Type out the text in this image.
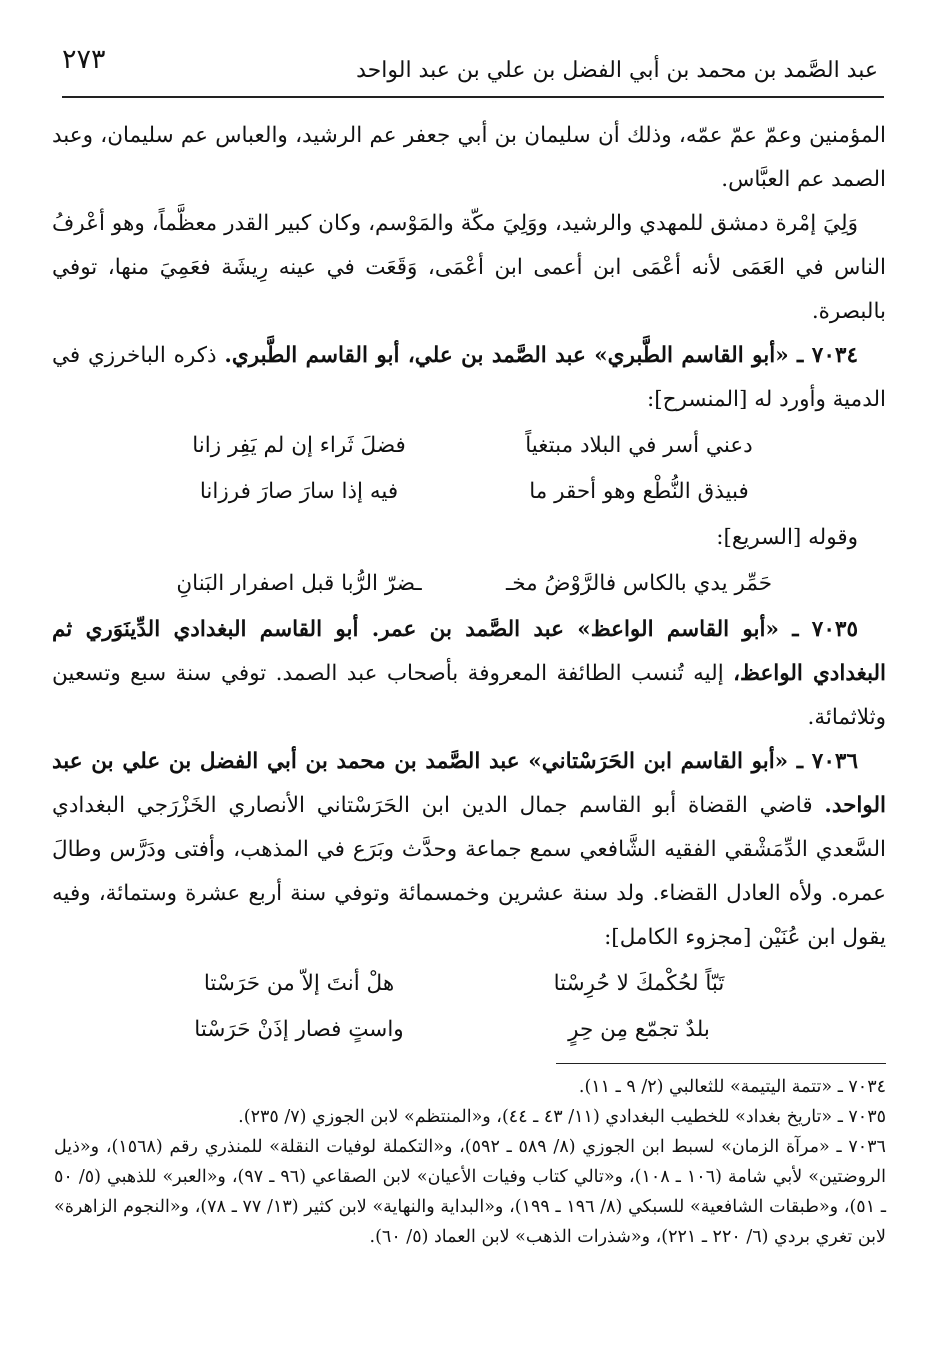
عبد الصَّمد بن محمد بن أبي الفضل بن علي بن عبد الواحد
٢٧٣

المؤمنين وعمّ عمّ عمّه، وذلك أن سليمان بن أبي جعفر عم الرشيد، والعباس عم سليمان، وعبد الصمد عم العبَّاس.

وَلِيَ إمْرة دمشق للمهدي والرشيد، ووَلِيَ مكّة والمَوْسم، وكان كبير القدر معظَّماً، وهو أعْرفُ الناس في العَمَى لأنه أعْمَى ابن أعمى ابن أعْمَى، وَقَعَت في عينه رِيشَة فعَمِيَ منها، توفي بالبصرة.

٧٠٣٤ ـ «أبو القاسم الطَّبري» عبد الصَّمد بن علي، أبو القاسم الطَّبري. ذكره الباخرزي في الدمية وأورد له [المنسرح]:

دعني أسر في البلاد مبتغياً
فضلَ ثَراء إن لم يَفِر زانا
فبيذق النُّطْع وهو أحقر ما
فيه إذا سارَ صارَ فرزانا

وقوله [السريع]:

حَمِّر يدي بالكاس فالرَّوْضُ مخـ
ـضرّ الرُّبا قبل اصفرار البَنانِ

٧٠٣٥ ـ «أبو القاسم الواعظ» عبد الصَّمد بن عمر. أبو القاسم البغدادي الدِّينَوَري ثم البغدادي الواعظ، إليه تُنسب الطائفة المعروفة بأصحاب عبد الصمد. توفي سنة سبع وتسعين وثلاثمائة.

٧٠٣٦ ـ «أبو القاسم ابن الحَرَسْتاني» عبد الصَّمد بن محمد بن أبي الفضل بن علي بن عبد الواحد. قاضي القضاة أبو القاسم جمال الدين ابن الحَرَسْتاني الأنصاري الخَزْرَجي البغدادي السَّعدي الدِّمَشْقي الفقيه الشَّافعي سمع جماعة وحدَّث وبَرَع في المذهب، وأفتى ودَرَّس وطالَ عمره. ولأه العادل القضاء. ولد سنة عشرين وخمسمائة وتوفي سنة أربع عشرة وستمائة، وفيه يقول ابن عُنَيْن [مجزوء الكامل]:

تَبّاً لحُكْمكَ لا حُرِسْتا
هلْ أنتَ إلاّ من حَرَسْتا
بلدٌ تجمّع مِن حِرٍ
واستٍ فصار إذَنْ حَرَسْتا

٧٠٣٤ ـ «تتمة اليتيمة» للثعالبي (٢/ ٩ ـ ١١).

٧٠٣٥ ـ «تاريخ بغداد» للخطيب البغدادي (١١/ ٤٣ ـ ٤٤)، و«المنتظم» لابن الجوزي (٧/ ٢٣٥).

٧٠٣٦ ـ «مرآة الزمان» لسبط ابن الجوزي (٨/ ٥٨٩ ـ ٥٩٢)، و«التكملة لوفيات النقلة» للمنذري رقم (١٥٦٨)، و«ذيل الروضتين» لأبي شامة (١٠٦ ـ ١٠٨)، و«تالي كتاب وفيات الأعيان» لابن الصقاعي (٩٦ ـ ٩٧)، و«العبر» للذهبي (٥/ ٥٠ ـ ٥١)، و«طبقات الشافعية» للسبكي (٨/ ١٩٦ ـ ١٩٩)، و«البداية والنهاية» لابن كثير (١٣/ ٧٧ ـ ٧٨)، و«النجوم الزاهرة» لابن تغري بردي (٦/ ٢٢٠ ـ ٢٢١)، و«شذرات الذهب» لابن العماد (٥/ ٦٠).
